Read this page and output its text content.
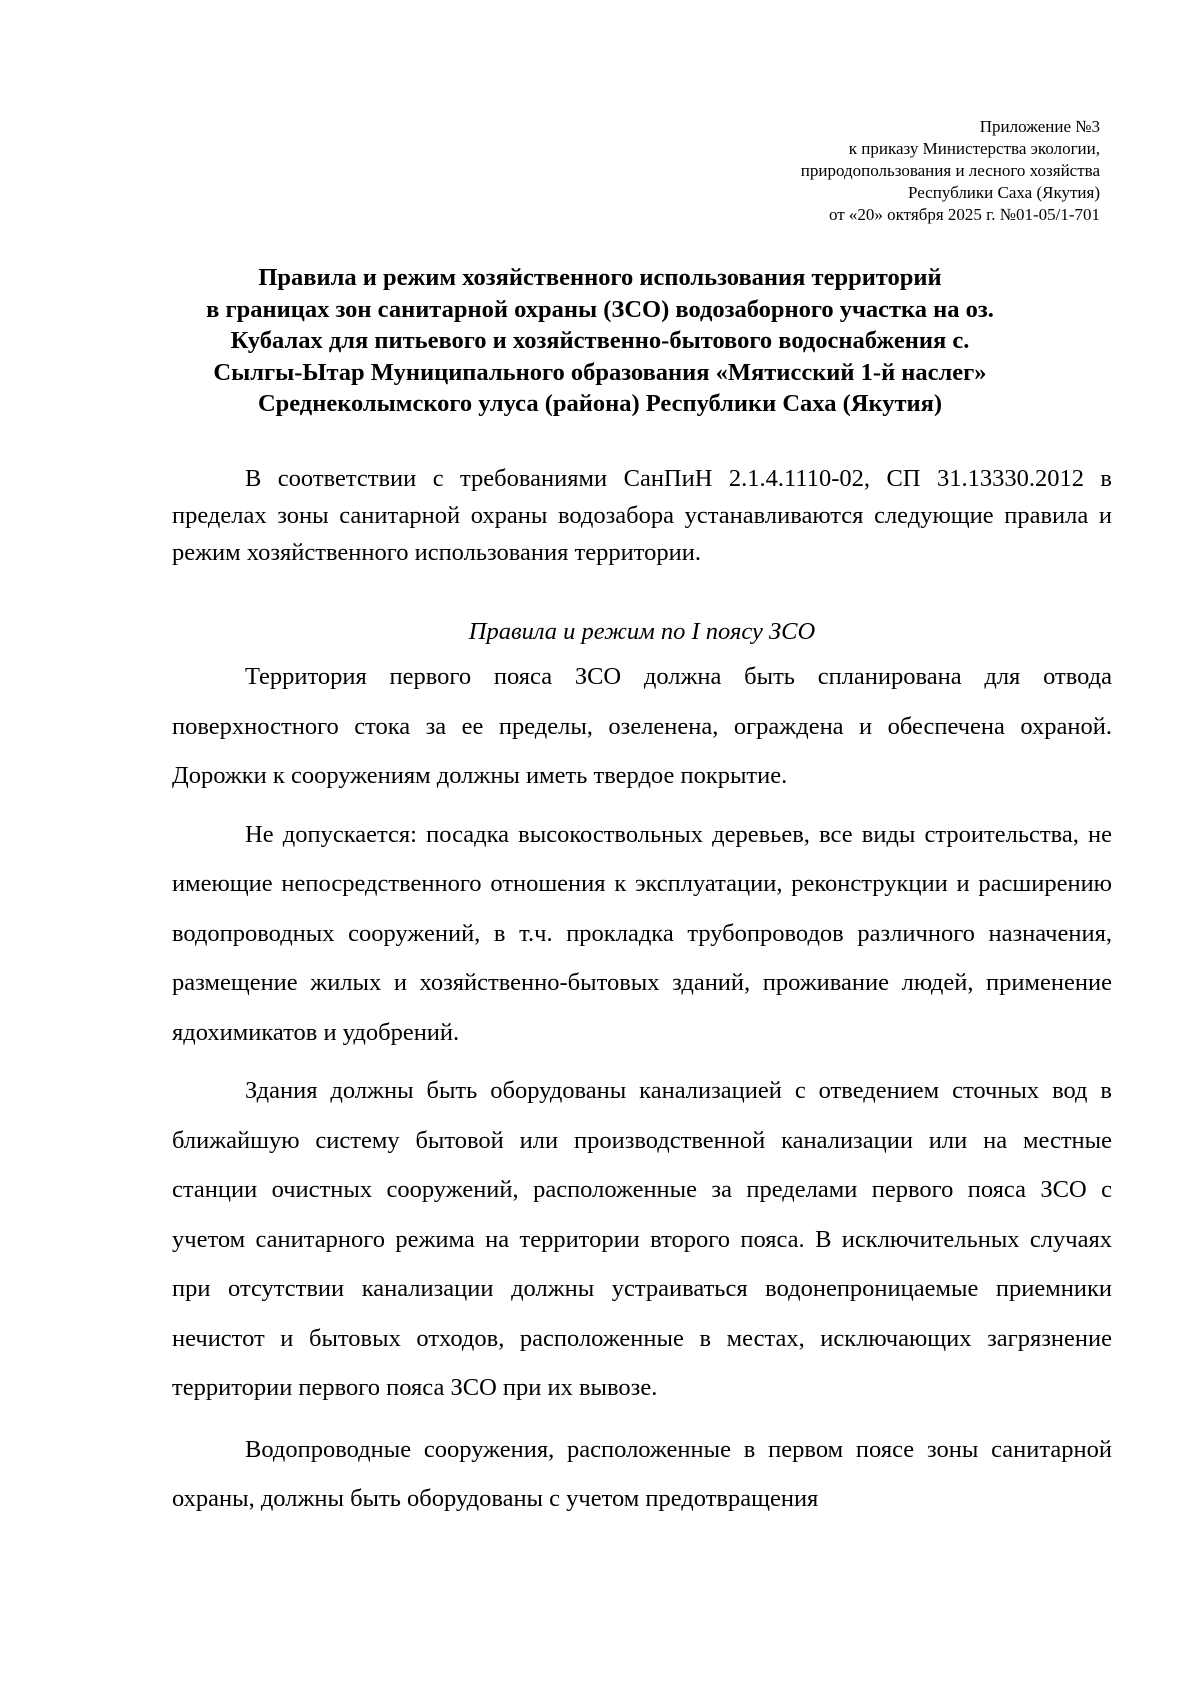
Приложение №3
к приказу Министерства экологии,
природопользования и лесного хозяйства
Республики Саха (Якутия)
от «20» октября 2025 г. №01-05/1-701
Правила и режим хозяйственного использования территорий
в границах зон санитарной охраны (ЗСО) водозаборного участка на оз.
Кубалах для питьевого и хозяйственно-бытового водоснабжения с.
Сылгы-Ытар Муниципального образования «Мятисский 1-й наслег»
Среднеколымского улуса (района) Республики Саха (Якутия)

В соответствии с требованиями СанПиН 2.1.4.1110-02, СП 31.13330.2012 в пределах зоны санитарной охраны водозабора устанавливаются следующие правила и режим хозяйственного использования территории.

Правила и режим по I поясу ЗСО

Территория первого пояса ЗСО должна быть спланирована для отвода поверхностного стока за ее пределы, озеленена, ограждена и обеспечена охраной. Дорожки к сооружениям должны иметь твердое покрытие.

Не допускается: посадка высокоствольных деревьев, все виды строительства, не имеющие непосредственного отношения к эксплуатации, реконструкции и расширению водопроводных сооружений, в т.ч. прокладка трубопроводов различного назначения, размещение жилых и хозяйственно-бытовых зданий, проживание людей, применение ядохимикатов и удобрений.

Здания должны быть оборудованы канализацией с отведением сточных вод в ближайшую систему бытовой или производственной канализации или на местные станции очистных сооружений, расположенные за пределами первого пояса ЗСО с учетом санитарного режима на территории второго пояса. В исключительных случаях при отсутствии канализации должны устраиваться водонепроницаемые приемники нечистот и бытовых отходов, расположенные в местах, исключающих загрязнение территории первого пояса ЗСО при их вывозе.

Водопроводные сооружения, расположенные в первом поясе зоны санитарной охраны, должны быть оборудованы с учетом предотвращения
